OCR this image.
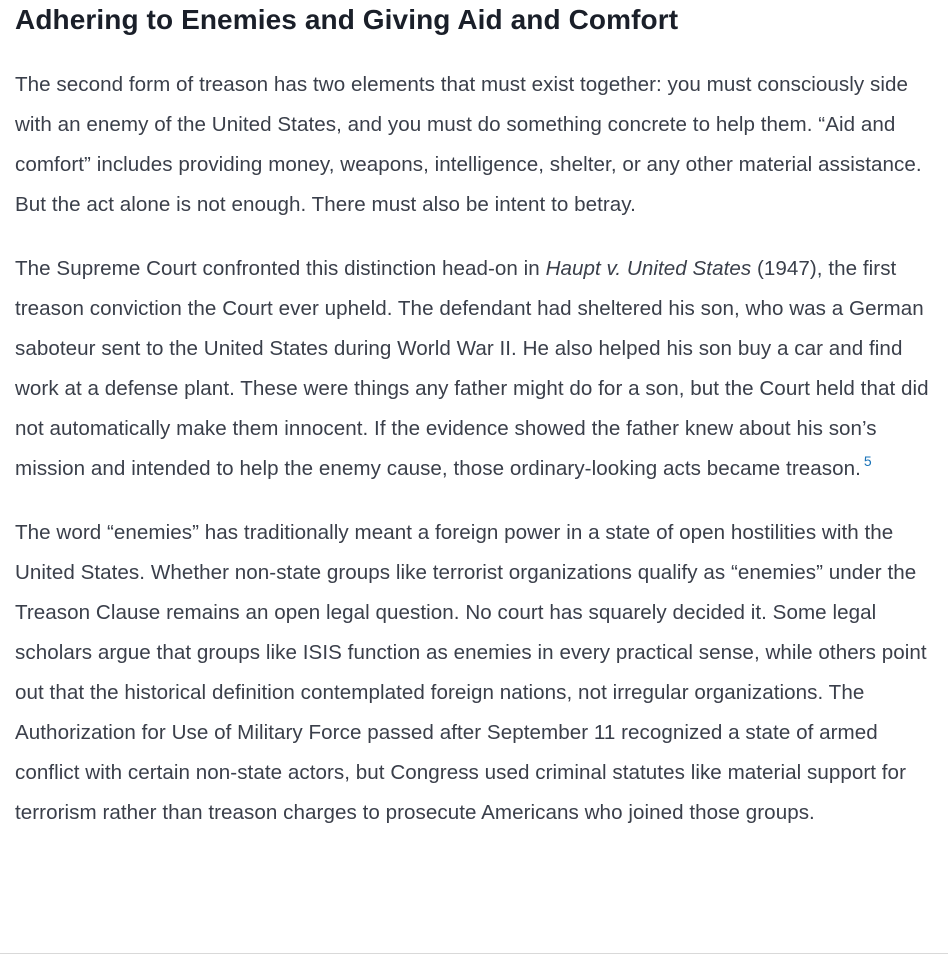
Adhering to Enemies and Giving Aid and Comfort

The second form of treason has two elements that must exist together: you must consciously side with an enemy of the United States, and you must do something concrete to help them. “Aid and comfort” includes providing money, weapons, intelligence, shelter, or any other material assistance. But the act alone is not enough. There must also be intent to betray.

The Supreme Court confronted this distinction head-on in Haupt v. United States (1947), the first treason conviction the Court ever upheld. The defendant had sheltered his son, who was a German saboteur sent to the United States during World War II. He also helped his son buy a car and find work at a defense plant. These were things any father might do for a son, but the Court held that did not automatically make them innocent. If the evidence showed the father knew about his son’s mission and intended to help the enemy cause, those ordinary-looking acts became treason. $^5$

The word “enemies” has traditionally meant a foreign power in a state of open hostilities with the United States. Whether non-state groups like terrorist organizations qualify as “enemies” under the Treason Clause remains an open legal question. No court has squarely decided it. Some legal scholars argue that groups like ISIS function as enemies in every practical sense, while others point out that the historical definition contemplated foreign nations, not irregular organizations. The Authorization for Use of Military Force passed after September 11 recognized a state of armed conflict with certain non-state actors, but Congress used criminal statutes like material support for terrorism rather than treason charges to prosecute Americans who joined those groups.
